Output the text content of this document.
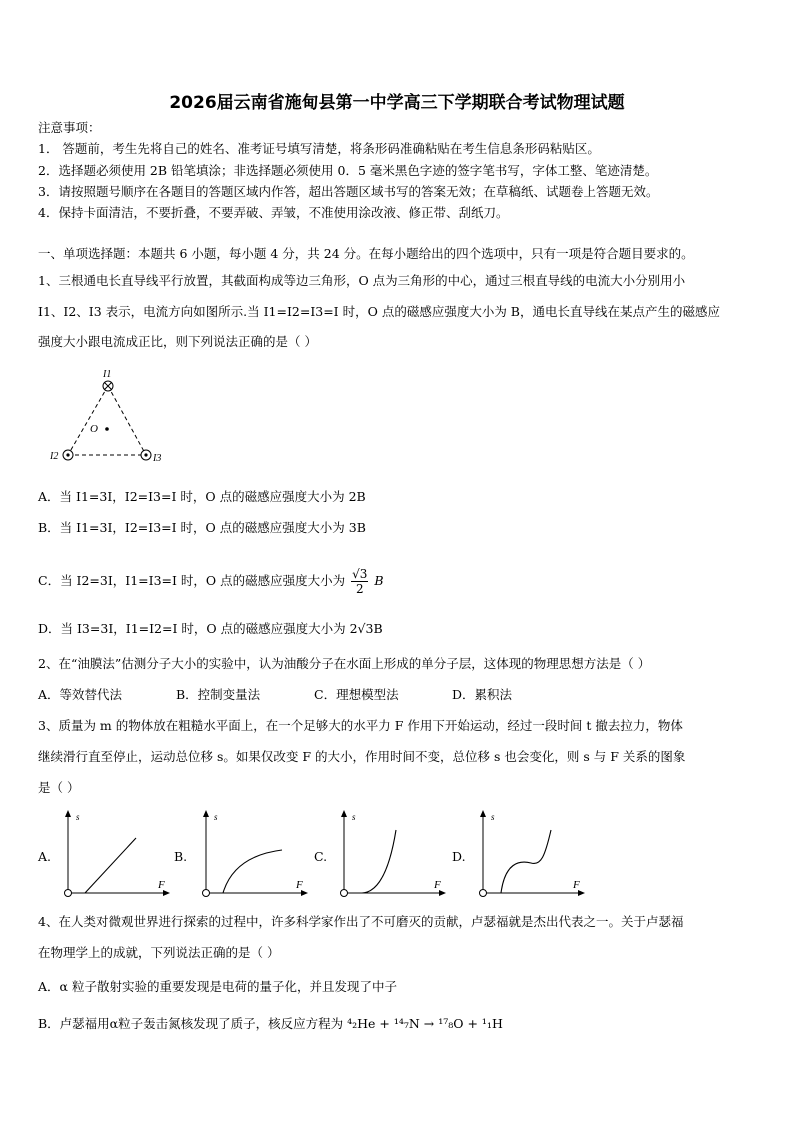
2026届云南省施甸县第一中学高三下学期联合考试物理试题
注意事项：
1． 答题前，考生先将自己的姓名、准考证号填写清楚，将条形码准确粘贴在考生信息条形码粘贴区。
2．选择题必须使用 2B 铅笔填涂；非选择题必须使用 0．5 毫米黑色字迹的签字笔书写，字体工整、笔迹清楚。
3．请按照题号顺序在各题目的答题区域内作答，超出答题区域书写的答案无效；在草稿纸、试题卷上答题无效。
4．保持卡面清洁，不要折叠，不要弄破、弄皱，不准使用涂改液、修正带、刮纸刀。
一、单项选择题：本题共 6 小题，每小题 4 分，共 24 分。在每小题给出的四个选项中，只有一项是符合题目要求的。
1、三根通电长直导线平行放置，其截面构成等边三角形，O 点为三角形的中心，通过三根直导线的电流大小分别用小
I1、I2、I3 表示，电流方向如图所示.当 I1=I2=I3=I 时，O 点的磁感应强度大小为 B，通电长直导线在某点产生的磁感应
强度大小跟电流成正比，则下列说法正确的是（ ）
I1
I2	I3
O
A．当 I1=3I，I2=I3=I 时，O 点的磁感应强度大小为 2B
B．当 I1=3I，I2=I3=I 时，O 点的磁感应强度大小为 3B
C．当 I2=3I，I1=I3=I 时，O 点的磁感应强度大小为 $\frac{√3}{2}$ B
D．当 I3=3I，I1=I2=I 时，O 点的磁感应强度大小为 2√3B
2、在“油膜法”估测分子大小的实验中，认为油酸分子在水面上形成的单分子层，这体现的物理思想方法是（ ）
A．等效替代法	B．控制变量法	C．理想模型法	D．累积法
3、质量为 m 的物体放在粗糙水平面上，在一个足够大的水平力 F 作用下开始运动，经过一段时间 t 撤去拉力，物体
继续滑行直至停止，运动总位移 s。如果仅改变 F 的大小，作用时间不变，总位移 s 也会变化，则 s 与 F 关系的图象
是（ ）
A.
s
F
B.
s
F
C.
s
F
D.
s
F
4、在人类对微观世界进行探索的过程中，许多科学家作出了不可磨灭的贡献，卢瑟福就是杰出代表之一。关于卢瑟福
在物理学上的成就，下列说法正确的是（ ）
A．α 粒子散射实验的重要发现是电荷的量子化，并且发现了中子
B．卢瑟福用α粒子轰击氮核发现了质子，核反应方程为 ⁴₂He + ¹⁴₇N → ¹⁷₈O + ¹₁H
